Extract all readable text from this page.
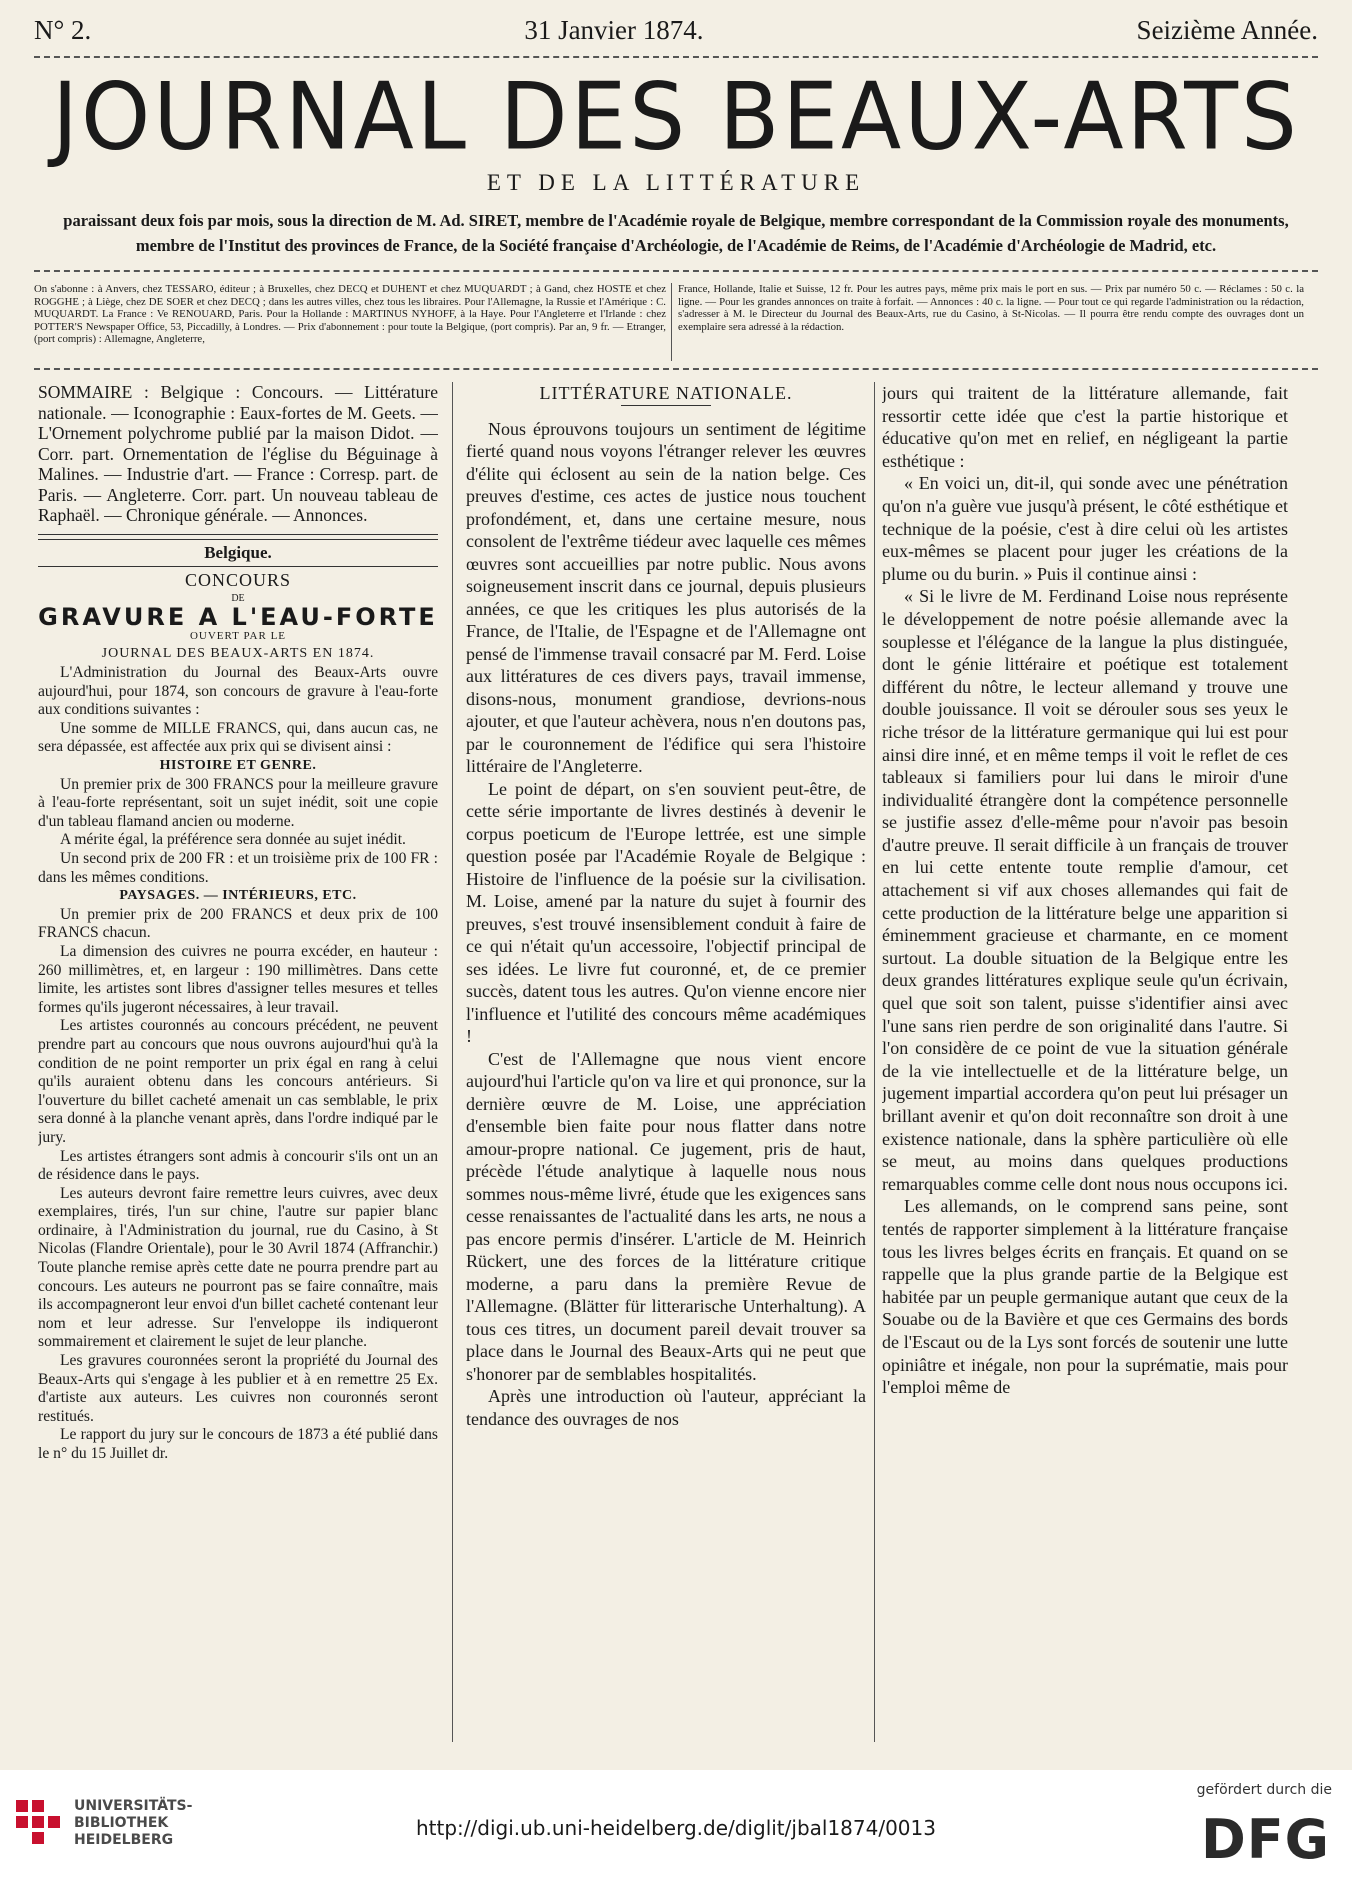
N° 2.	31 Janvier 1874.	Seizième Année.
JOURNAL DES BEAUX-ARTS
ET DE LA LITTÉRATURE
paraissant deux fois par mois, sous la direction de M. Ad. SIRET, membre de l'Académie royale de Belgique, membre correspondant de la Commission royale des monuments, membre de l'Institut des provinces de France, de la Société française d'Archéologie, de l'Académie de Reims, de l'Académie d'Archéologie de Madrid, etc.
On s'abonne : à Anvers, chez TESSARO, éditeur ; à Bruxelles, chez DECQ et DUHENT et chez MUQUARDT ; à Gand, chez HOSTE et chez ROGGHE ; à Liège, chez DE SOER et chez DECQ ; dans les autres villes, chez tous les libraires. Pour l'Allemagne, la Russie et l'Amérique : C. MUQUARDT. La France : Ve RENOUARD, Paris. Pour la Hollande : MARTINUS NYHOFF, à la Haye. Pour l'Angleterre et l'Irlande : chez POTTER'S Newspaper Office, 53, Piccadilly, à Londres. — Prix d'abonnement : pour toute la Belgique, (port compris). Par an, 9 fr. — Etranger, (port compris) : Allemagne, Angleterre,
France, Hollande, Italie et Suisse, 12 fr. Pour les autres pays, même prix mais le port en sus. — Prix par numéro 50 c. — Réclames : 50 c. la ligne. — Pour les grandes annonces on traite à forfait. — Annonces : 40 c. la ligne. — Pour tout ce qui regarde l'administration ou la rédaction, s'adresser à M. le Directeur du Journal des Beaux-Arts, rue du Casino, à St-Nicolas. — Il pourra être rendu compte des ouvrages dont un exemplaire sera adressé à la rédaction.

SOMMAIRE : Belgique : Concours. — Littérature nationale. — Iconographie : Eaux-fortes de M. Geets. — L'Ornement polychrome publié par la maison Didot. — Corr. part. Ornementation de l'église du Béguinage à Malines. — Industrie d'art. — France : Corresp. part. de Paris. — Angleterre. Corr. part. Un nouveau tableau de Raphaël. — Chronique générale. — Annonces.

Belgique.

CONCOURS

DE

GRAVURE A L'EAU-FORTE

OUVERT PAR LE

JOURNAL DES BEAUX-ARTS EN 1874.

L'Administration du Journal des Beaux-Arts ouvre aujourd'hui, pour 1874, son concours de gravure à l'eau-forte aux conditions suivantes :

Une somme de MILLE FRANCS, qui, dans aucun cas, ne sera dépassée, est affectée aux prix qui se divisent ainsi :

HISTOIRE ET GENRE.

Un premier prix de 300 FRANCS pour la meilleure gravure à l'eau-forte représentant, soit un sujet inédit, soit une copie d'un tableau flamand ancien ou moderne.

A mérite égal, la préférence sera donnée au sujet inédit.

Un second prix de 200 FR : et un troisième prix de 100 FR : dans les mêmes conditions.

PAYSAGES. — INTÉRIEURS, ETC.

Un premier prix de 200 FRANCS et deux prix de 100 FRANCS chacun.

La dimension des cuivres ne pourra excéder, en hauteur : 260 millimètres, et, en largeur : 190 millimètres. Dans cette limite, les artistes sont libres d'assigner telles mesures et telles formes qu'ils jugeront nécessaires, à leur travail.

Les artistes couronnés au concours précédent, ne peuvent prendre part au concours que nous ouvrons aujourd'hui qu'à la condition de ne point remporter un prix égal en rang à celui qu'ils auraient obtenu dans les concours antérieurs. Si l'ouverture du billet cacheté amenait un cas semblable, le prix sera donné à la planche venant après, dans l'ordre indiqué par le jury.

Les artistes étrangers sont admis à concourir s'ils ont un an de résidence dans le pays.

Les auteurs devront faire remettre leurs cuivres, avec deux exemplaires, tirés, l'un sur chine, l'autre sur papier blanc ordinaire, à l'Administration du journal, rue du Casino, à St Nicolas (Flandre Orientale), pour le 30 Avril 1874 (Affranchir.) Toute planche remise après cette date ne pourra prendre part au concours. Les auteurs ne pourront pas se faire connaître, mais ils accompagneront leur envoi d'un billet cacheté contenant leur nom et leur adresse. Sur l'enveloppe ils indiqueront sommairement et clairement le sujet de leur planche.

Les gravures couronnées seront la propriété du Journal des Beaux-Arts qui s'engage à les publier et à en remettre 25 Ex. d'artiste aux auteurs. Les cuivres non couronnés seront restitués.

Le rapport du jury sur le concours de 1873 a été publié dans le n° du 15 Juillet dr.

LITTÉRATURE NATIONALE.

Nous éprouvons toujours un sentiment de légitime fierté quand nous voyons l'étranger relever les œuvres d'élite qui éclosent au sein de la nation belge. Ces preuves d'estime, ces actes de justice nous touchent profondément, et, dans une certaine mesure, nous consolent de l'extrême tiédeur avec laquelle ces mêmes œuvres sont accueillies par notre public. Nous avons soigneusement inscrit dans ce journal, depuis plusieurs années, ce que les critiques les plus autorisés de la France, de l'Italie, de l'Espagne et de l'Allemagne ont pensé de l'immense travail consacré par M. Ferd. Loise aux littératures de ces divers pays, travail immense, disons-nous, monument grandiose, devrions-nous ajouter, et que l'auteur achèvera, nous n'en doutons pas, par le couronnement de l'édifice qui sera l'histoire littéraire de l'Angleterre.

Le point de départ, on s'en souvient peut-être, de cette série importante de livres destinés à devenir le corpus poeticum de l'Europe lettrée, est une simple question posée par l'Académie Royale de Belgique : Histoire de l'influence de la poésie sur la civilisation. M. Loise, amené par la nature du sujet à fournir des preuves, s'est trouvé insensiblement conduit à faire de ce qui n'était qu'un accessoire, l'objectif principal de ses idées. Le livre fut couronné, et, de ce premier succès, datent tous les autres. Qu'on vienne encore nier l'influence et l'utilité des concours même académiques !

C'est de l'Allemagne que nous vient encore aujourd'hui l'article qu'on va lire et qui prononce, sur la dernière œuvre de M. Loise, une appréciation d'ensemble bien faite pour nous flatter dans notre amour-propre national. Ce jugement, pris de haut, précède l'étude analytique à laquelle nous nous sommes nous-même livré, étude que les exigences sans cesse renaissantes de l'actualité dans les arts, ne nous a pas encore permis d'insérer. L'article de M. Heinrich Rückert, une des forces de la littérature critique moderne, a paru dans la première Revue de l'Allemagne. (Blätter für litterarische Unterhaltung). A tous ces titres, un document pareil devait trouver sa place dans le Journal des Beaux-Arts qui ne peut que s'honorer par de semblables hospitalités.

Après une introduction où l'auteur, appréciant la tendance des ouvrages de nos

jours qui traitent de la littérature allemande, fait ressortir cette idée que c'est la partie historique et éducative qu'on met en relief, en négligeant la partie esthétique :

« En voici un, dit-il, qui sonde avec une pénétration qu'on n'a guère vue jusqu'à présent, le côté esthétique et technique de la poésie, c'est à dire celui où les artistes eux-mêmes se placent pour juger les créations de la plume ou du burin. » Puis il continue ainsi :

« Si le livre de M. Ferdinand Loise nous représente le développement de notre poésie allemande avec la souplesse et l'élégance de la langue la plus distinguée, dont le génie littéraire et poétique est totalement différent du nôtre, le lecteur allemand y trouve une double jouissance. Il voit se dérouler sous ses yeux le riche trésor de la littérature germanique qui lui est pour ainsi dire inné, et en même temps il voit le reflet de ces tableaux si familiers pour lui dans le miroir d'une individualité étrangère dont la compétence personnelle se justifie assez d'elle-même pour n'avoir pas besoin d'autre preuve. Il serait difficile à un français de trouver en lui cette entente toute remplie d'amour, cet attachement si vif aux choses allemandes qui fait de cette production de la littérature belge une apparition si éminemment gracieuse et charmante, en ce moment surtout. La double situation de la Belgique entre les deux grandes littératures explique seule qu'un écrivain, quel que soit son talent, puisse s'identifier ainsi avec l'une sans rien perdre de son originalité dans l'autre. Si l'on considère de ce point de vue la situation générale de la vie intellectuelle et de la littérature belge, un jugement impartial accordera qu'on peut lui présager un brillant avenir et qu'on doit reconnaître son droit à une existence nationale, dans la sphère particulière où elle se meut, au moins dans quelques productions remarquables comme celle dont nous nous occupons ici.

Les allemands, on le comprend sans peine, sont tentés de rapporter simplement à la littérature française tous les livres belges écrits en français. Et quand on se rappelle que la plus grande partie de la Belgique est habitée par un peuple germanique autant que ceux de la Souabe ou de la Bavière et que ces Germains des bords de l'Escaut ou de la Lys sont forcés de soutenir une lutte opiniâtre et inégale, non pour la suprématie, mais pour l'emploi même de

UNIVERSITÄTS-
BIBLIOTHEK
HEIDELBERG	http://digi.ub.uni-heidelberg.de/diglit/jbal1874/0013
gefördert durch die
DFG
